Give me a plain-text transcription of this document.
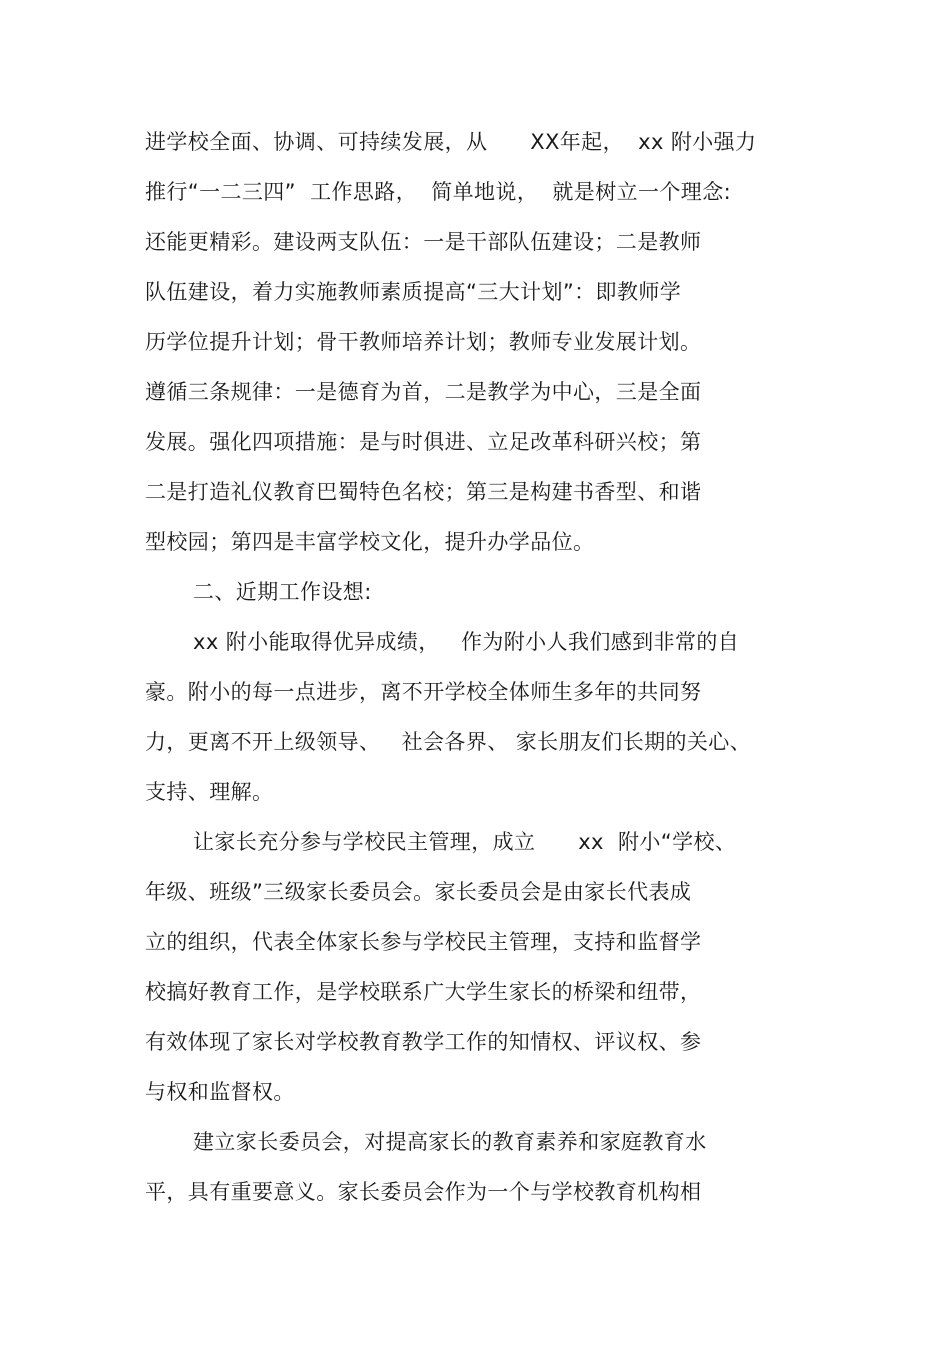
进学校全面、协调、可持续发展，从　　XX年起，  xx 附小强力
推行“一二三四”  工作思路，  简单地说，  就是树立一个理念:
还能更精彩。建设两支队伍：一是干部队伍建设；二是教师
队伍建设，着力实施教师素质提高“三大计划”：即教师学
历学位提升计划；骨干教师培养计划；教师专业发展计划。
遵循三条规律：一是德育为首，二是教学为中心，三是全面
发展。强化四项措施：是与时俱进、立足改革科研兴校；第
二是打造礼仪教育巴蜀特色名校；第三是构建书香型、和谐
型校园；第四是丰富学校文化，提升办学品位。
二、近期工作设想:
xx 附小能取得优异成绩，   作为附小人我们感到非常的自
豪。附小的每一点进步，离不开学校全体师生多年的共同努
力，更离不开上级领导、   社会各界、 家长朋友们长期的关心、
支持、理解。
让家长充分参与学校民主管理，成立　　xx  附小“学校、
年级、班级”三级家长委员会。家长委员会是由家长代表成
立的组织，代表全体家长参与学校民主管理，支持和监督学
校搞好教育工作，是学校联系广大学生家长的桥梁和纽带，
有效体现了家长对学校教育教学工作的知情权、评议权、参
与权和监督权。
建立家长委员会，对提高家长的教育素养和家庭教育水
平，具有重要意义。家长委员会作为一个与学校教育机构相
